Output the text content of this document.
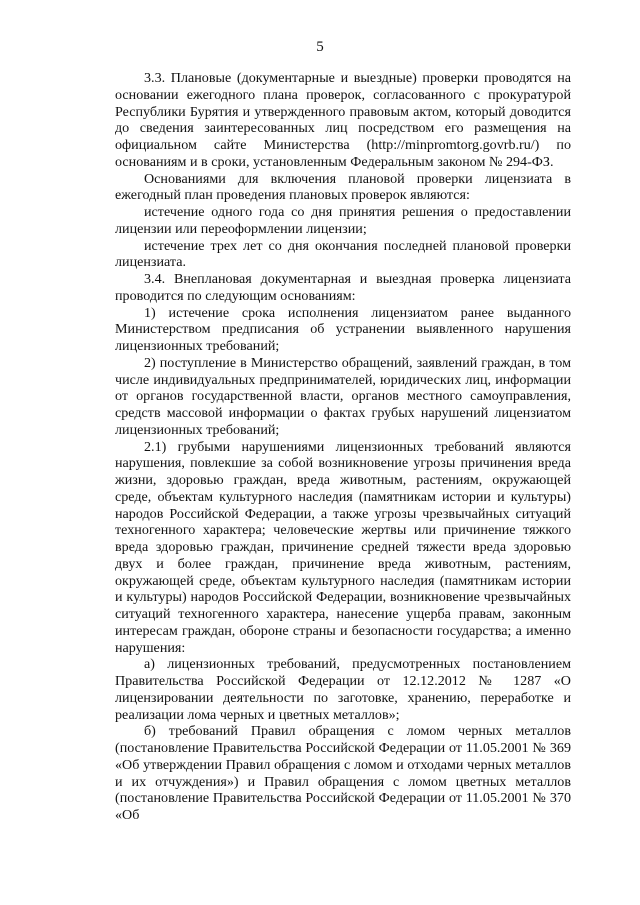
5

3.3. Плановые (документарные и выездные) проверки проводятся на основании ежегодного плана проверок, согласованного с прокуратурой Республики Бурятия и утвержденного правовым актом, который доводится до сведения заинтересованных лиц посредством его размещения на официальном сайте Министерства (http://minpromtorg.govrb.ru/) по основаниям и в сроки, установленным Федеральным законом № 294-ФЗ.

Основаниями для включения плановой проверки лицензиата в ежегодный план проведения плановых проверок являются:

истечение одного года со дня принятия решения о предоставлении лицензии или переоформлении лицензии;

истечение трех лет со дня окончания последней плановой проверки лицензиата.

3.4. Внеплановая документарная и выездная проверка лицензиата проводится по следующим основаниям:

1) истечение срока исполнения лицензиатом ранее выданного Министерством предписания об устранении выявленного нарушения лицензионных требований;

2) поступление в Министерство обращений, заявлений граждан, в том числе индивидуальных предпринимателей, юридических лиц, информации от органов государственной власти, органов местного самоуправления, средств массовой информации о фактах грубых нарушений лицензиатом лицензионных требований;

2.1) грубыми нарушениями лицензионных требований являются нарушения, повлекшие за собой возникновение угрозы причинения вреда жизни, здоровью граждан, вреда животным, растениям, окружающей среде, объектам культурного наследия (памятникам истории и культуры) народов Российской Федерации, а также угрозы чрезвычайных ситуаций техногенного характера; человеческие жертвы или причинение тяжкого вреда здоровью граждан, причинение средней тяжести вреда здоровью двух и более граждан, причинение вреда животным, растениям, окружающей среде, объектам культурного наследия (памятникам истории и культуры) народов Российской Федерации, возникновение чрезвычайных ситуаций техногенного характера, нанесение ущерба правам, законным интересам граждан, обороне страны и безопасности государства; а именно нарушения:

а) лицензионных требований, предусмотренных постановлением Правительства Российской Федерации от 12.12.2012 № 1287 «О лицензировании деятельности по заготовке, хранению, переработке и реализации лома черных и цветных металлов»;

б) требований Правил обращения с ломом черных металлов (постановление Правительства Российской Федерации от 11.05.2001 № 369 «Об утверждении Правил обращения с ломом и отходами черных металлов и их отчуждения») и Правил обращения с ломом цветных металлов (постановление Правительства Российской Федерации от 11.05.2001 № 370 «Об
